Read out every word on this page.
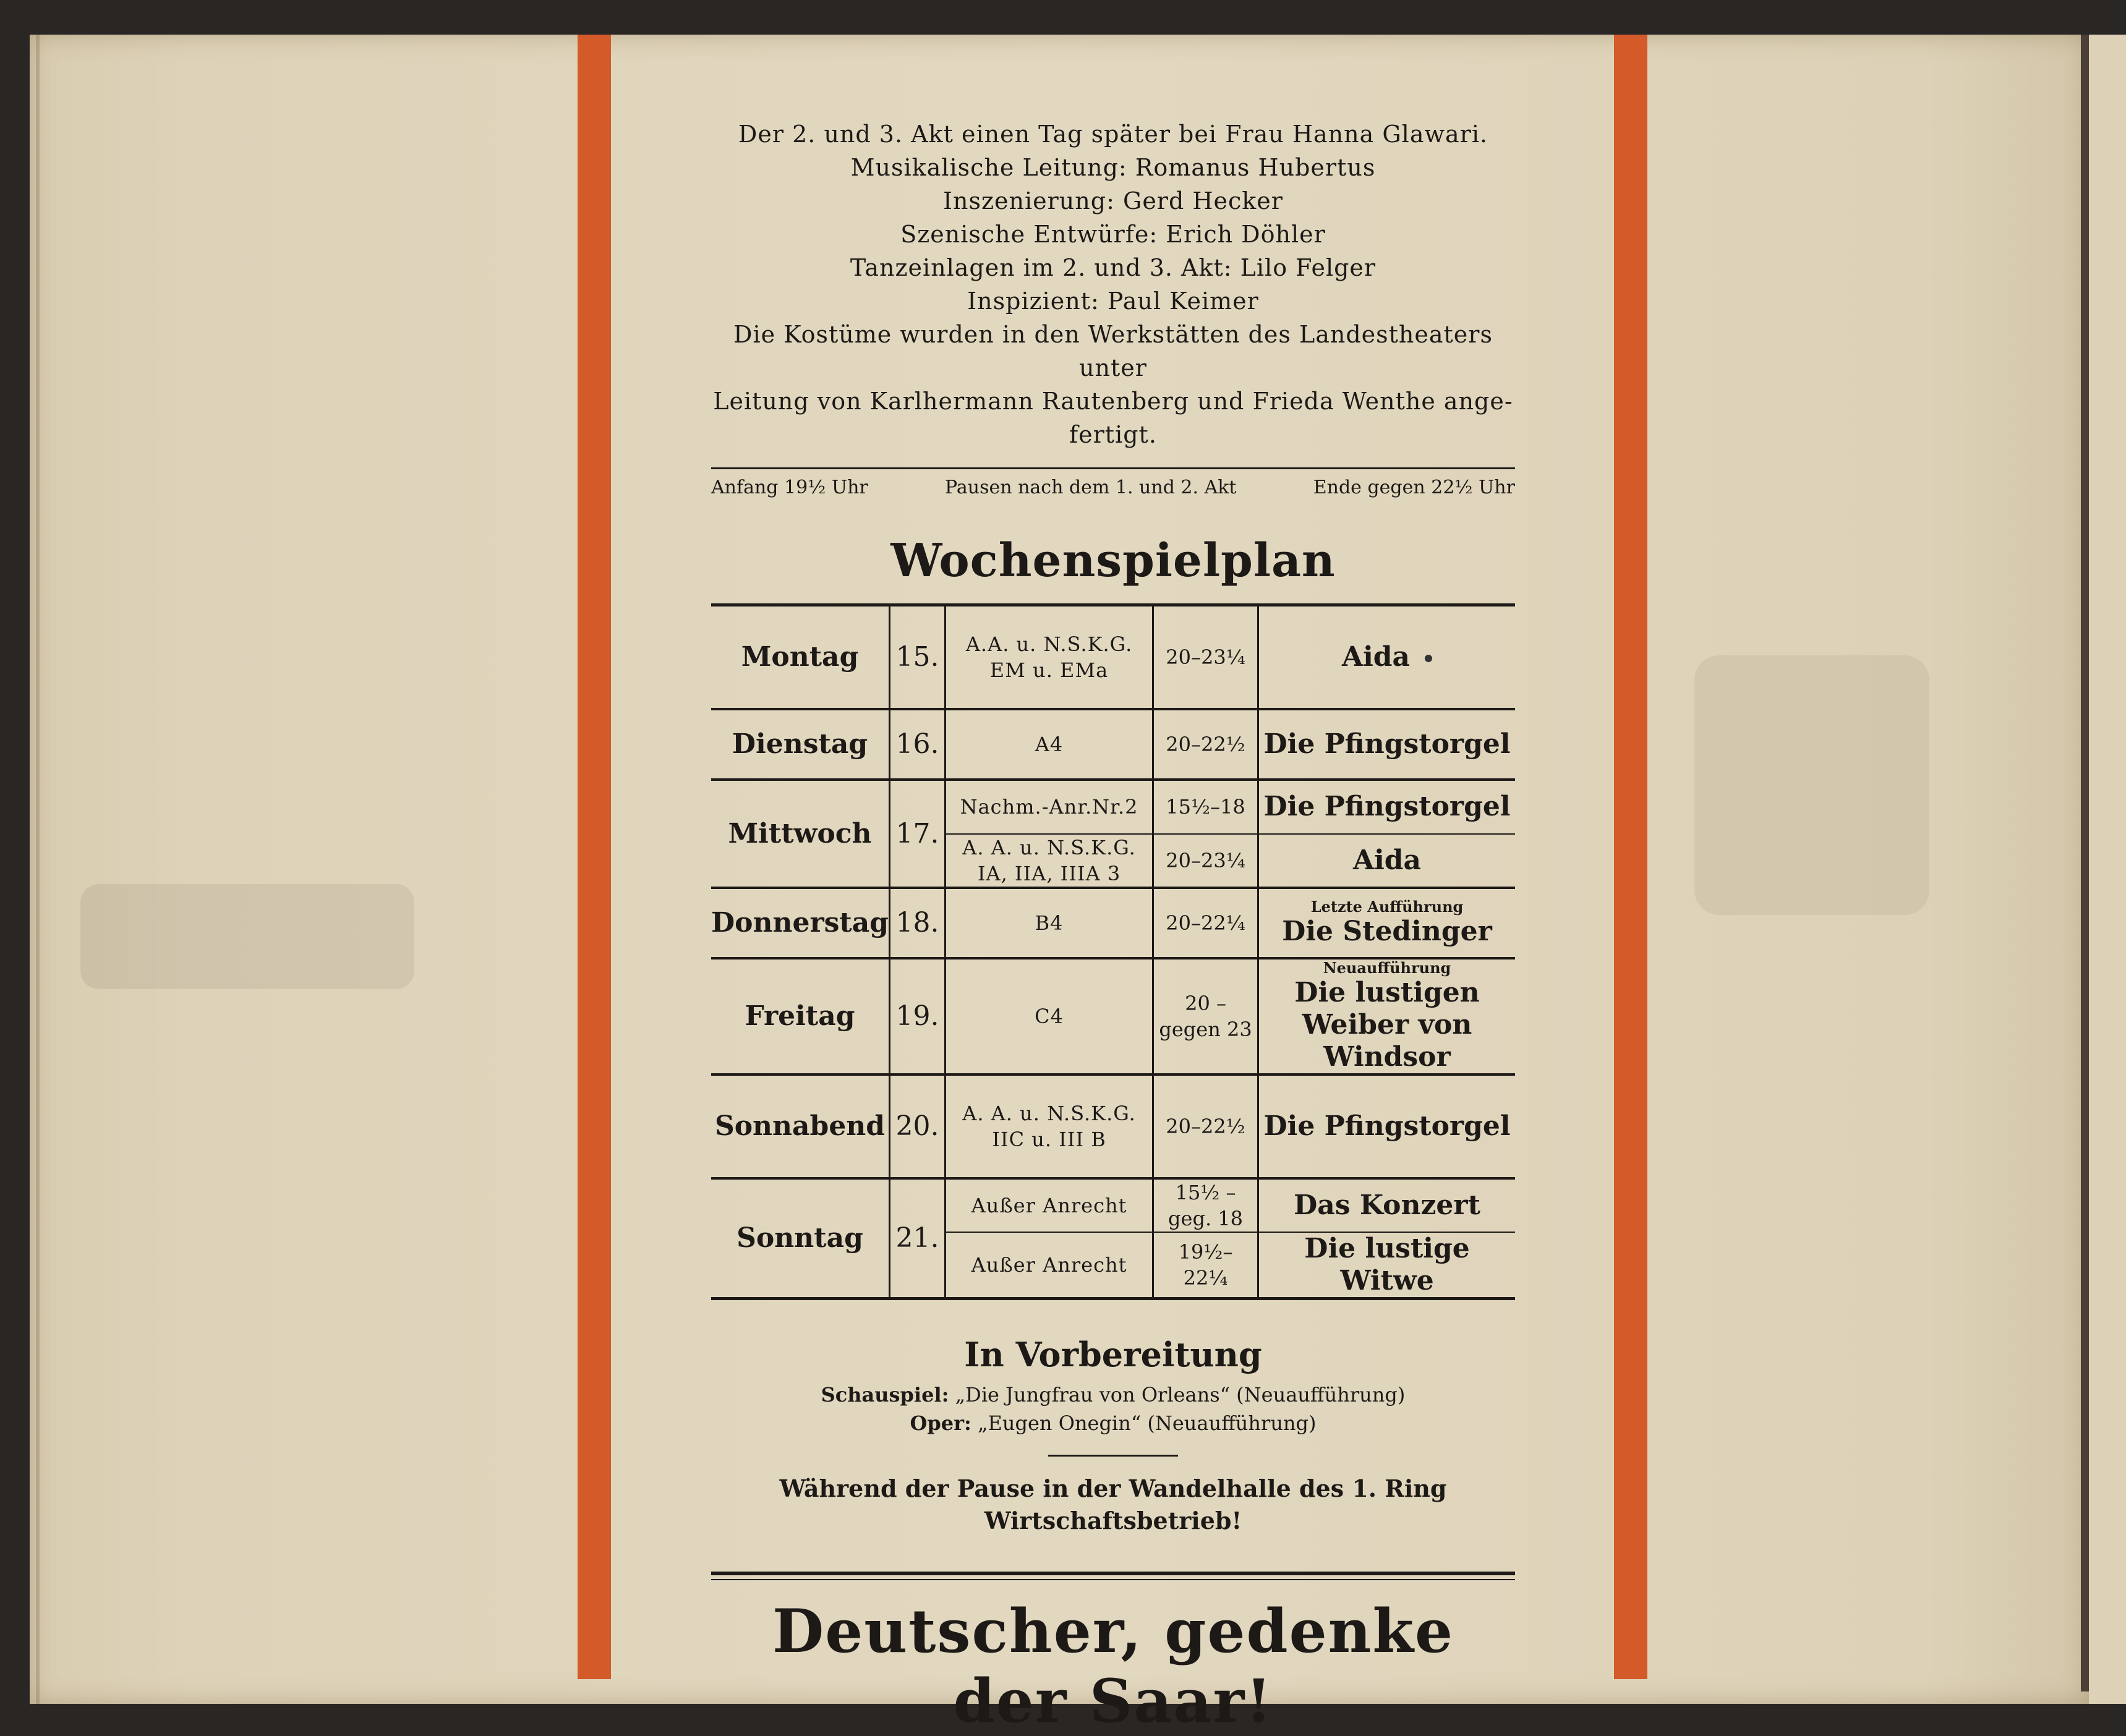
Der 2. und 3. Akt einen Tag später bei Frau Hanna Glawari.
Musikalische Leitung: Romanus Hubertus
Inszenierung: Gerd Hecker
Szenische Entwürfe: Erich Döhler
Tanzeinlagen im 2. und 3. Akt: Lilo Felger
Inspizient: Paul Keimer
Die Kostüme wurden in den Werkstätten des Landestheaters unter
Leitung von Karlhermann Rautenberg und Frieda Wenthe ange-
fertigt.
Anfang 19½ Uhr	Pausen nach dem 1. und 2. Akt	Ende gegen 22½ Uhr
Wochenspielplan
Montag	15.	A.A. u. N.S.K.G. EM u. EMa	20–23¼	Aida
Dienstag	16.	A4	20–22½	Die Pfingstorgel
Mittwoch	17.	Nachm.-Anr.Nr.2	15½–18	Die Pfingstorgel
		A. A. u. N.S.K.G. IA, IIA, IIIA 3	20–23¼	Aida
Donnerstag	18.	B4	20–22¼	Letzte Aufführung
Die Stedinger
Freitag	19.	C4	20 – gegen 23	Neuaufführung
Die lustigen Weiber von Windsor
Sonnabend	20.	A. A. u. N.S.K.G. IIC u. III B	20–22½	Die Pfingstorgel
Sonntag	21.	Außer Anrecht	15½ – geg. 18	Das Konzert
		Außer Anrecht	19½– 22¼	Die lustige Witwe
In Vorbereitung
Schauspiel: „Die Jungfrau von Orleans“ (Neuaufführung)
Oper: „Eugen Onegin“ (Neuaufführung)
Während der Pause in der Wandelhalle des 1. Ring
Wirtschaftsbetrieb!
Deutscher, gedenke der Saar!
